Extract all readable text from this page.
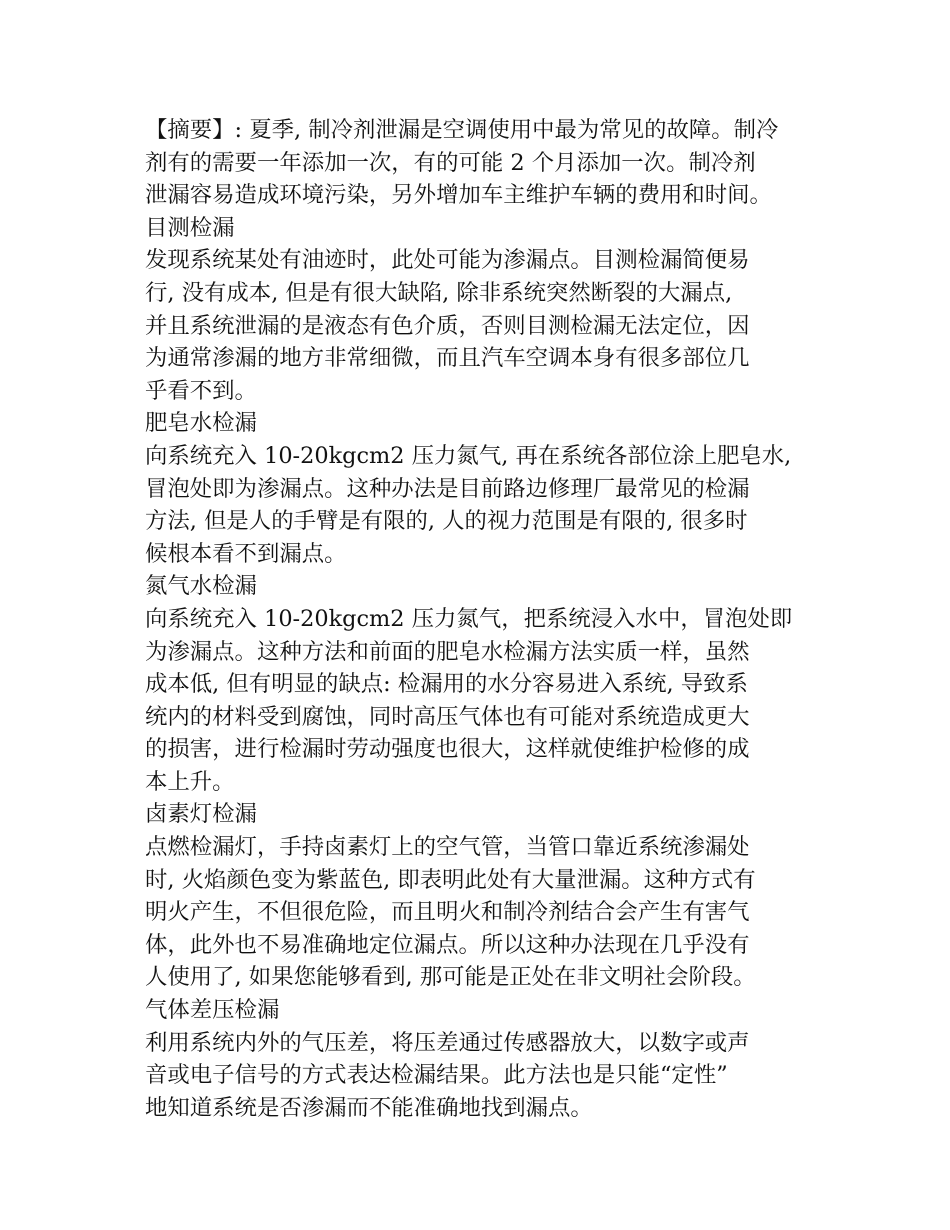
【摘要】: 夏季, 制冷剂泄漏是空调使用中最为常见的故障。制冷
剂有的需要一年添加一次，有的可能 2 个月添加一次。制冷剂
泄漏容易造成环境污染，另外增加车主维护车辆的费用和时间。
目测检漏
发现系统某处有油迹时，此处可能为渗漏点。目测检漏简便易
行, 没有成本, 但是有很大缺陷, 除非系统突然断裂的大漏点,
并且系统泄漏的是液态有色介质，否则目测检漏无法定位，因
为通常渗漏的地方非常细微，而且汽车空调本身有很多部位几
乎看不到。
肥皂水检漏
向系统充入 10-20kgcm2 压力氮气, 再在系统各部位涂上肥皂水,
冒泡处即为渗漏点。这种办法是目前路边修理厂最常见的检漏
方法, 但是人的手臂是有限的, 人的视力范围是有限的, 很多时
候根本看不到漏点。
氮气水检漏
向系统充入 10-20kgcm2 压力氮气，把系统浸入水中，冒泡处即
为渗漏点。这种方法和前面的肥皂水检漏方法实质一样，虽然
成本低, 但有明显的缺点: 检漏用的水分容易进入系统, 导致系
统内的材料受到腐蚀，同时高压气体也有可能对系统造成更大
的损害，进行检漏时劳动强度也很大，这样就使维护检修的成
本上升。
卤素灯检漏
点燃检漏灯，手持卤素灯上的空气管，当管口靠近系统渗漏处
时, 火焰颜色变为紫蓝色, 即表明此处有大量泄漏。这种方式有
明火产生，不但很危险，而且明火和制冷剂结合会产生有害气
体，此外也不易准确地定位漏点。所以这种办法现在几乎没有
人使用了, 如果您能够看到, 那可能是正处在非文明社会阶段。
气体差压检漏
利用系统内外的气压差，将压差通过传感器放大，以数字或声
音或电子信号的方式表达检漏结果。此方法也是只能“定性”
地知道系统是否渗漏而不能准确地找到漏点。
